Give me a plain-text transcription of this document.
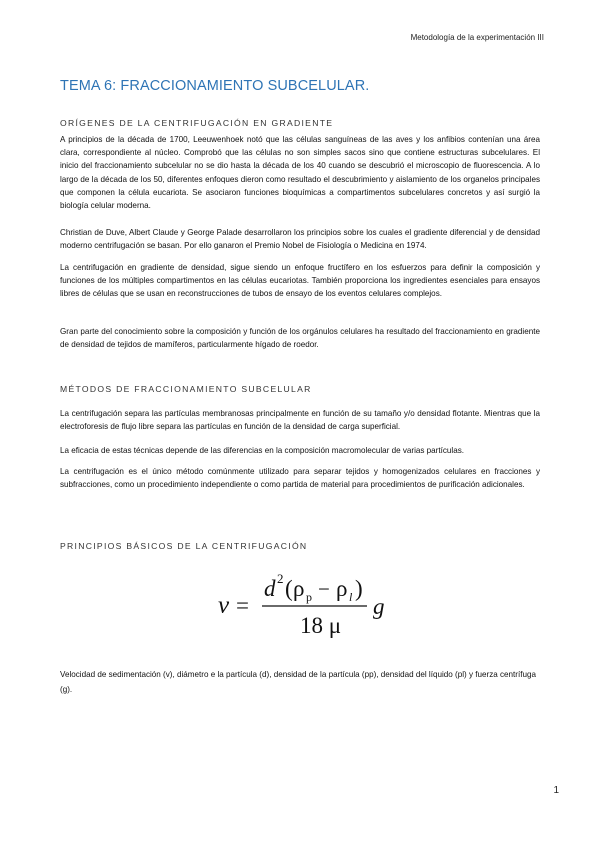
Metodología de la experimentación III
TEMA 6: FRACCIONAMIENTO SUBCELULAR.
ORÍGENES DE LA CENTRIFUGACIÓN EN GRADIENTE

A principios de la década de 1700, Leeuwenhoek notó que las células sanguíneas de las aves y los anfibios contenían una área clara, correspondiente al núcleo. Comprobó que las células no son simples sacos sino que contiene estructuras subcelulares. El inicio del fraccionamiento subcelular no se dio hasta la década de los 40 cuando se descubrió el microscopio de fluorescencia. A lo largo de la década de los 50, diferentes enfoques dieron como resultado el descubrimiento y aislamiento de los organelos principales que componen la célula eucariota. Se asociaron funciones bioquímicas a compartimentos subcelulares concretos y así surgió la biología celular moderna.

Christian de Duve, Albert Claude y George Palade desarrollaron los principios sobre los cuales el gradiente diferencial y de densidad moderno centrifugación se basan. Por ello ganaron el Premio Nobel de Fisiología o Medicina en 1974.

La centrifugación en gradiente de densidad, sigue siendo un enfoque fructífero en los esfuerzos para definir la composición y funciones de los múltiples compartimentos en las células eucariotas. También proporciona los ingredientes esenciales para ensayos libres de células que se usan en reconstrucciones de tubos de ensayo de los eventos celulares complejos.

Gran parte del conocimiento sobre la composición y función de los orgánulos celulares ha resultado del fraccionamiento en gradiente de densidad de tejidos de mamíferos, particularmente hígado de roedor.

MÉTODOS DE FRACCIONAMIENTO SUBCELULAR

La centrifugación separa las partículas membranosas principalmente en función de su tamaño y/o densidad flotante. Mientras que la electroforesis de flujo libre separa las partículas en función de la densidad de carga superficial.

La eficacia de estas técnicas depende de las diferencias en la composición macromolecular de varias partículas.

La centrifugación es el único método comúnmente utilizado para separar tejidos y homogenizados celulares en fracciones y subfracciones, como un procedimiento independiente o como partida de material para procedimientos de purificación adicionales.

PRINCIPIOS BÁSICOS DE LA CENTRIFUGACIÓN
ν =
d 2 ( ρ p − ρ l )
18 μ
g
Velocidad de sedimentación (v), diámetro e la partícula (d), densidad de la partícula (pp), densidad del líquido (pl) y fuerza centrífuga (g).
1
